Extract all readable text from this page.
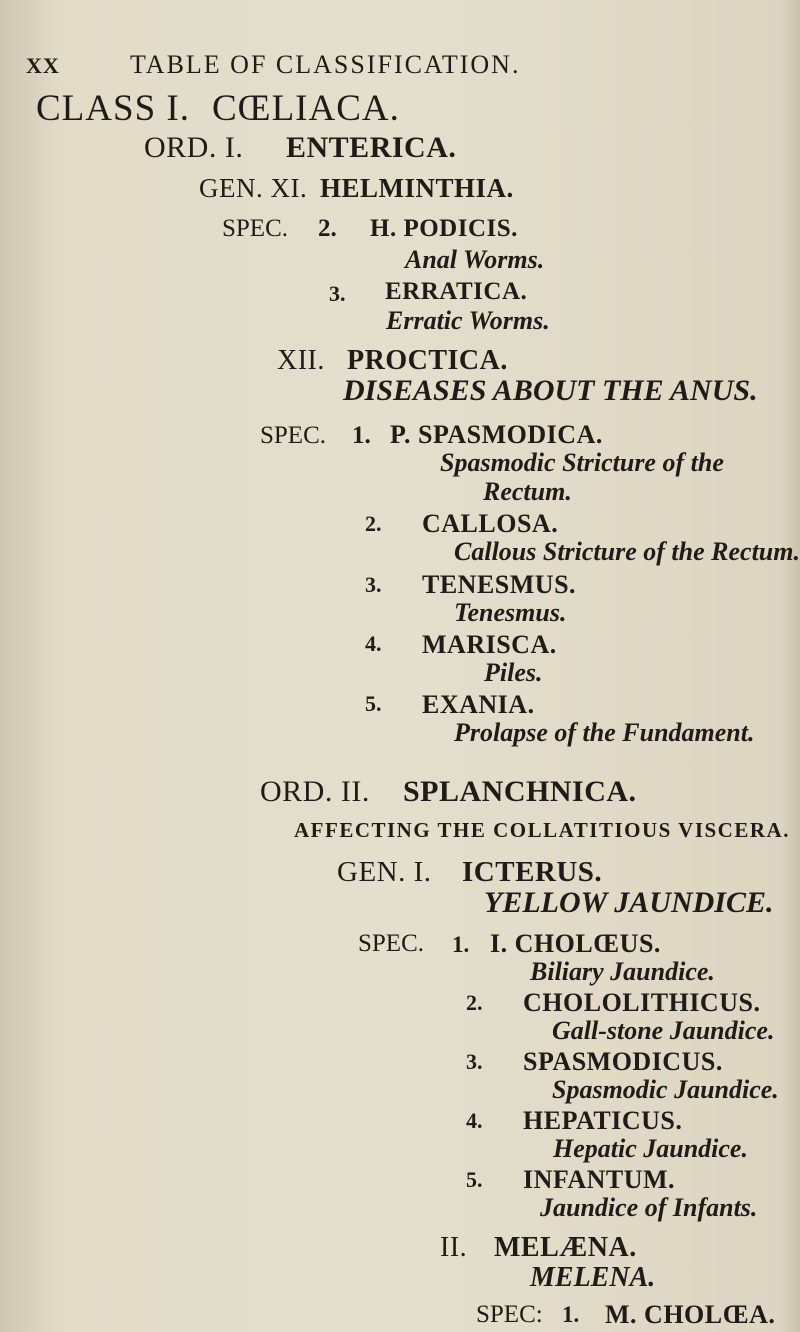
XX	TABLE OF CLASSIFICATION.
CLASS I. CŒLIACA.
ORD. I. ENTERICA.
GEN. XI. HELMINTHIA.
SPEC. 2. H. PODICIS.
Anal Worms.
3. ERRATICA.
Erratic Worms.
XII. PROCTICA.
DISEASES ABOUT THE ANUS.
SPEC. 1. P. SPASMODICA.
Spasmodic Stricture of the
Rectum.
2. CALLOSA.
Callous Stricture of the Rectum.
3. TENESMUS.
Tenesmus.
4. MARISCA.
Piles.
5. EXANIA.
Prolapse of the Fundament.
ORD. II. SPLANCHNICA.
AFFECTING THE COLLATITIOUS VISCERA.
GEN. I. ICTERUS.
YELLOW JAUNDICE.
SPEC. 1. I. CHOLŒUS.
Biliary Jaundice.
2. CHOLOLITHICUS.
Gall-stone Jaundice.
3. SPASMODICUS.
Spasmodic Jaundice.
4. HEPATICUS.
Hepatic Jaundice.
5. INFANTUM.
Jaundice of Infants.
II. MELÆNA.
MELENA.
SPEC: 1. M. CHOLŒA.
